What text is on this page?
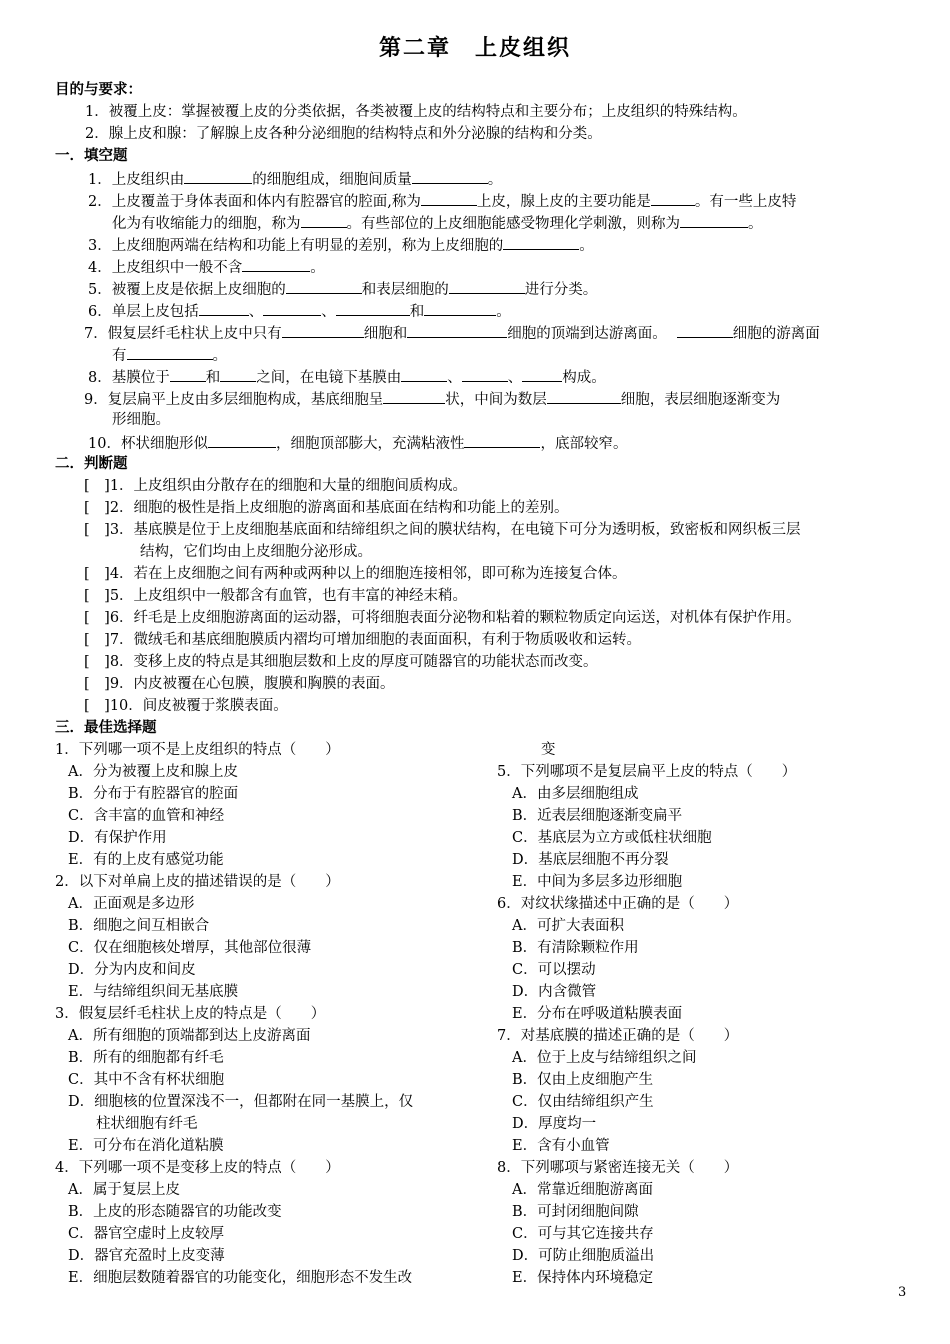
第二章　上皮组织
目的与要求：
1．被覆上皮：掌握被覆上皮的分类依据，各类被覆上皮的结构特点和主要分布；上皮组织的特殊结构。
2．腺上皮和腺：了解腺上皮各种分泌细胞的结构特点和外分泌腺的结构和分类。
一．填空题
1．上皮组织由	的细胞组成，细胞间质量	。
2．上皮覆盖于身体表面和体内有腔器官的腔面,称为	上皮，腺上皮的主要功能是	。有一些上皮特
化为有收缩能力的细胞，称为	。有些部位的上皮细胞能感受物理化学刺激，则称为	。
3．上皮细胞两端在结构和功能上有明显的差别，称为上皮细胞的	。
4．上皮组织中一般不含	。
5．被覆上皮是依据上皮细胞的	和表层细胞的	进行分类。
6．单层上皮包括	、	、	和	。
7．假复层纤毛柱状上皮中只有	细胞和	细胞的顶端到达游离面。	细胞的游离面
有	。
8．基膜位于 和 之间，在电镜下基膜由	、	、	构成。
9．复层扁平上皮由多层细胞构成，基底细胞呈	状，中间为数层	细胞，表层细胞逐渐变为
形细胞。
10．杯状细胞形似	，细胞顶部膨大，充满粘液性	，底部较窄。
二．判断题
[　]1．上皮组织由分散存在的细胞和大量的细胞间质构成。
[　]2．细胞的极性是指上皮细胞的游离面和基底面在结构和功能上的差别。
[　]3．基底膜是位于上皮细胞基底面和结缔组织之间的膜状结构，在电镜下可分为透明板，致密板和网织板三层
结构，它们均由上皮细胞分泌形成。
[　]4．若在上皮细胞之间有两种或两种以上的细胞连接相邻，即可称为连接复合体。
[　]5．上皮组织中一般都含有血管，也有丰富的神经末稍。
[　]6．纤毛是上皮细胞游离面的运动器，可将细胞表面分泌物和粘着的颗粒物质定向运送，对机体有保护作用。
[　]7．微绒毛和基底细胞膜质内褶均可增加细胞的表面面积，有利于物质吸收和运转。
[　]8．变移上皮的特点是其细胞层数和上皮的厚度可随器官的功能状态而改变。
[　]9．内皮被覆在心包膜，腹膜和胸膜的表面。
[　]10．间皮被覆于浆膜表面。
三．最佳选择题
1．下列哪一项不是上皮组织的特点（　　）
A．分为被覆上皮和腺上皮
B．分布于有腔器官的腔面
C．含丰富的血管和神经
D．有保护作用
E．有的上皮有感觉功能
2．以下对单扁上皮的描述错误的是（　　）
A．正面观是多边形
B．细胞之间互相嵌合
C．仅在细胞核处增厚，其他部位很薄
D．分为内皮和间皮
E．与结缔组织间无基底膜
3．假复层纤毛柱状上皮的特点是（　　）
A．所有细胞的顶端都到达上皮游离面
B．所有的细胞都有纤毛
C．其中不含有杯状细胞
D．细胞核的位置深浅不一，但都附在同一基膜上，仅
柱状细胞有纤毛
E．可分布在消化道粘膜
4．下列哪一项不是变移上皮的特点（　　）
A．属于复层上皮
B．上皮的形态随器官的功能改变
C．器官空虚时上皮较厚
D．器官充盈时上皮变薄
E．细胞层数随着器官的功能变化，细胞形态不发生改
变
5．下列哪项不是复层扁平上皮的特点（　　）
A．由多层细胞组成
B．近表层细胞逐渐变扁平
C．基底层为立方或低柱状细胞
D．基底层细胞不再分裂
E．中间为多层多边形细胞
6．对纹状缘描述中正确的是（　　）
A．可扩大表面积
B．有清除颗粒作用
C．可以摆动
D．内含微管
E．分布在呼吸道粘膜表面
7．对基底膜的描述正确的是（　　）
A．位于上皮与结缔组织之间
B．仅由上皮细胞产生
C．仅由结缔组织产生
D．厚度均一
E．含有小血管
8．下列哪项与紧密连接无关（　　）
A．常靠近细胞游离面
B．可封闭细胞间隙
C．可与其它连接共存
D．可防止细胞质溢出
E．保持体内环境稳定
3
